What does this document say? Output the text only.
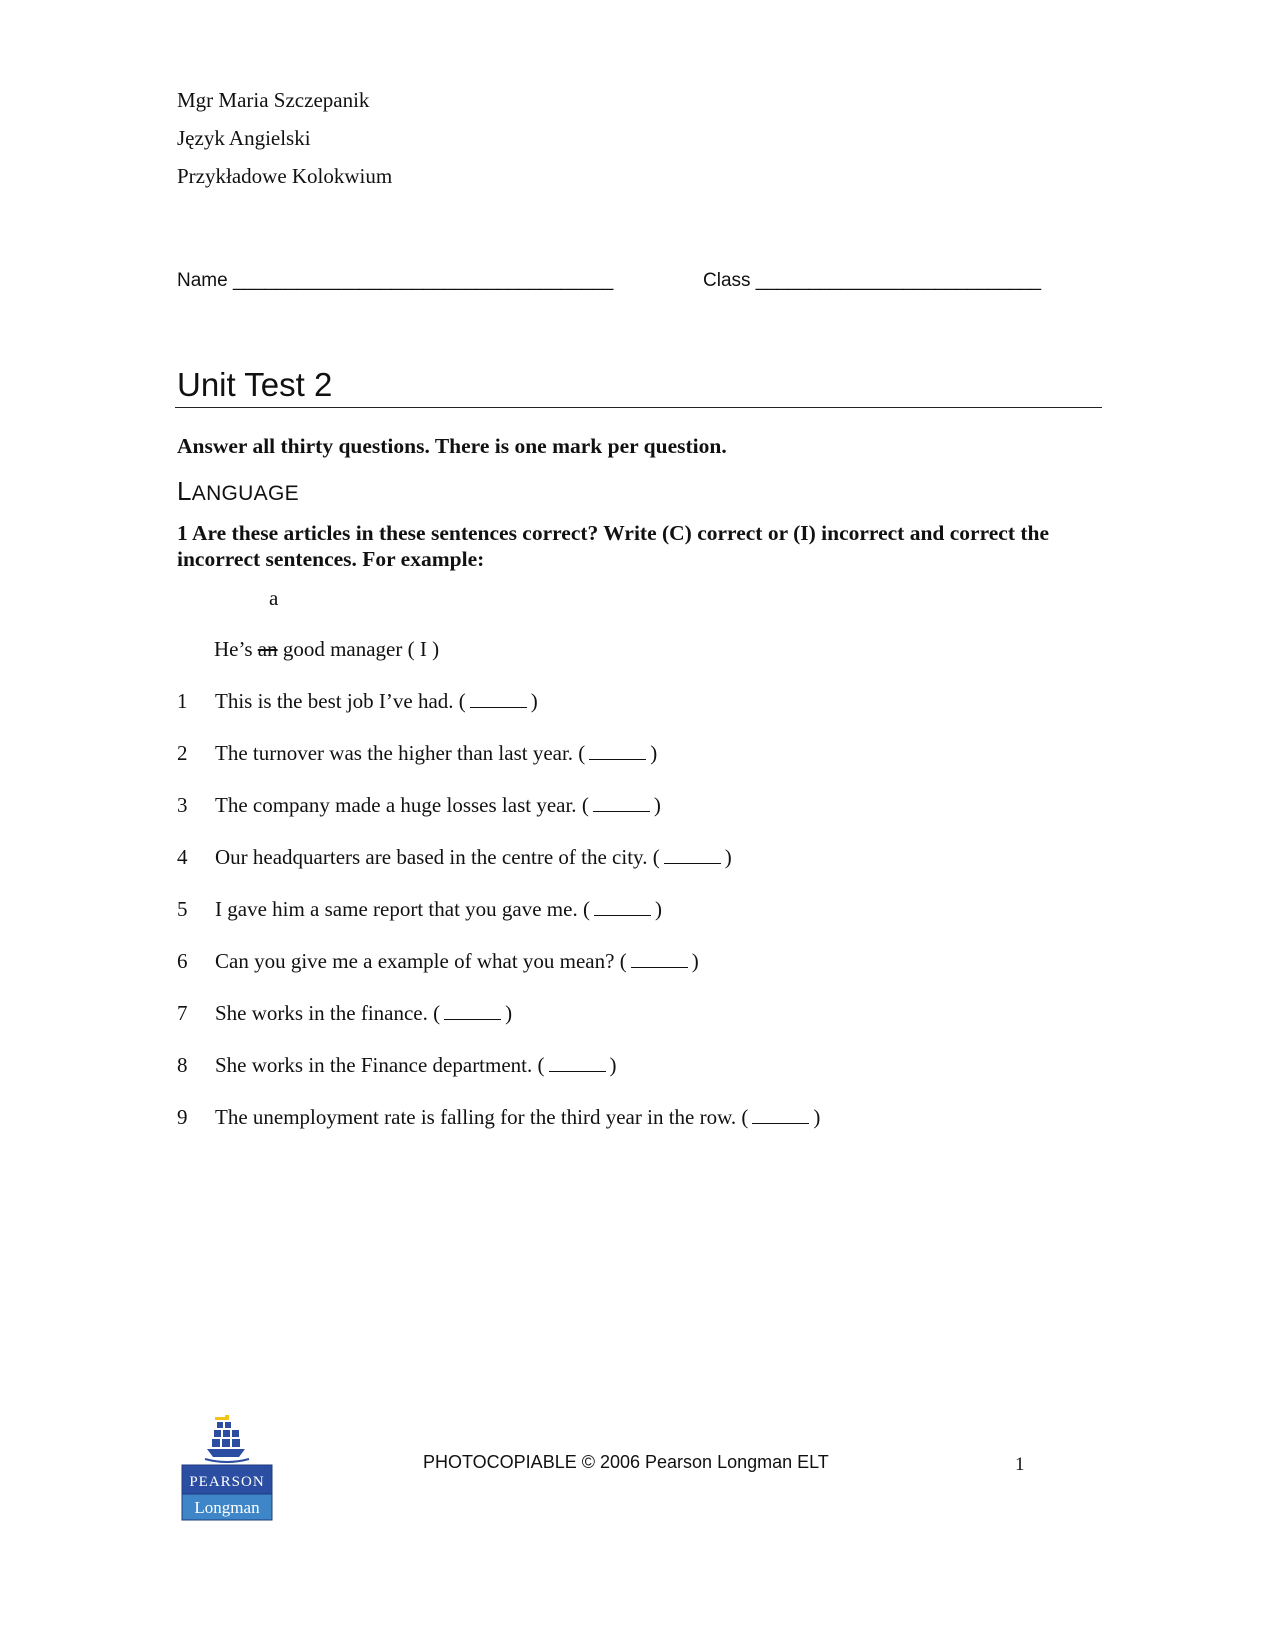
Mgr Maria Szczepanik
Język Angielski
Przykładowe Kolokwium
Name ____________________________________	Class ___________________________
Unit Test 2
Answer all thirty questions. There is one mark per question.
LANGUAGE
1 Are these articles in these sentences correct? Write (C) correct or (I) incorrect and correct the incorrect sentences. For example:
a
He’s an good manager ( I )
1 This is the best job I’ve had. (	)
2 The turnover was the higher than last year. (	)
3 The company made a huge losses last year. (	)
4 Our headquarters are based in the centre of the city. (	)
5 I gave him a same report that you gave me. (	)
6 Can you give me a example of what you mean? (	)
7 She works in the finance. (	)
8 She works in the Finance department. (	)
9 The unemployment rate is falling for the third year in the row. (	)
PEARSON
Longman
PHOTOCOPIABLE © 2006 Pearson Longman ELT	1
